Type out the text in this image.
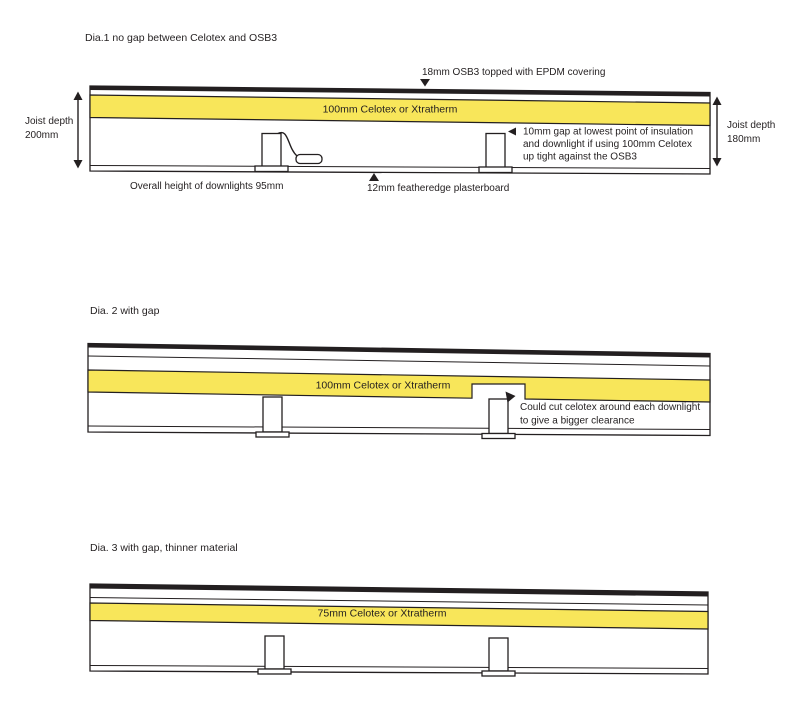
Dia.1 no gap between Celotex and OSB3
18mm OSB3 topped with EPDM covering
100mm Celotex or Xtratherm
Joist depth
200mm
Joist depth
180mm
10mm gap at lowest point of insulation
and downlight if using 100mm Celotex
up tight against the OSB3
Overall height of downlights 95mm	12mm featheredge plasterboard
Dia. 2 with gap
100mm Celotex or Xtratherm
Could cut celotex around each downlight
to give a bigger clearance
Dia. 3 with gap, thinner material
75mm Celotex or Xtratherm
